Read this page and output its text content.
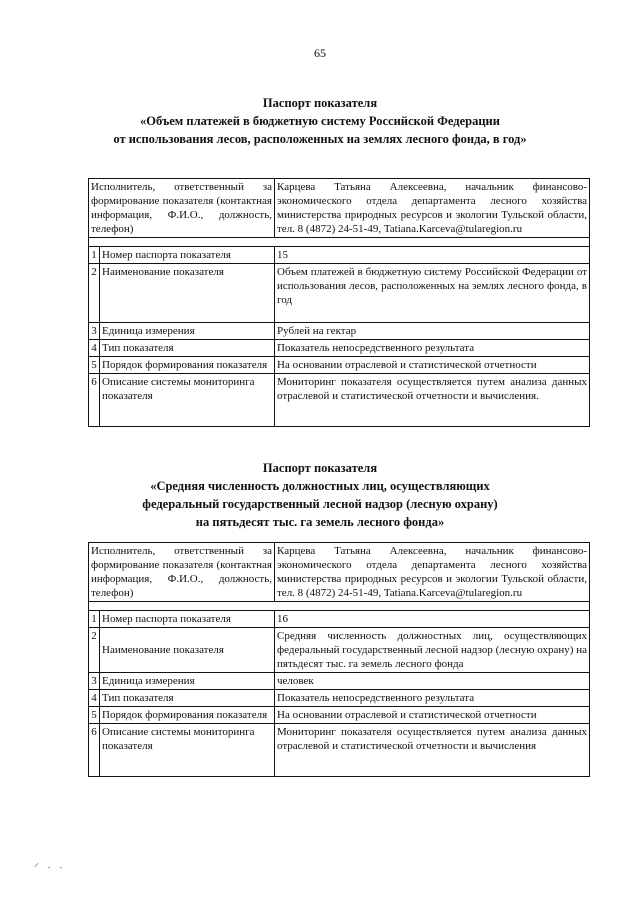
65
Паспорт показателя
«Объем платежей в бюджетную систему Российской Федерации
от использования лесов, расположенных на землях лесного фонда, в год»
Исполнитель, ответственный за формирование показателя (контактная информация, Ф.И.О., должность, телефон)		Карцева Татьяна Алексеевна, начальник финансово-экономического отдела департамента лесного хозяйства министерства природных ресурсов и экологии Тульской области, тел. 8 (4872) 24-51-49, Tatiana.Karceva@tularegion.ru

1	Номер паспорта показателя	15
2	Наименование показателя	Объем платежей в бюджетную систему Российской Федерации от использования лесов, расположенных на землях лесного фонда, в год
3	Единица измерения	Рублей на гектар
4	Тип показателя	Показатель непосредственного результата
5	Порядок формирования показателя	На основании отраслевой и статистической отчетности
6	Описание системы мониторинга показателя	Мониторинг показателя осуществляется путем анализа данных отраслевой и статистической отчетности и вычисления.
Паспорт показателя
«Средняя численность должностных лиц, осуществляющих
федеральный государственный лесной надзор (лесную охрану)
на пятьдесят тыс. га земель лесного фонда»
Исполнитель, ответственный за формирование показателя (контактная информация, Ф.И.О., должность, телефон)		Карцева Татьяна Алексеевна, начальник финансово-экономического отдела департамента лесного хозяйства министерства природных ресурсов и экологии Тульской области, тел. 8 (4872) 24-51-49, Tatiana.Karceva@tularegion.ru

1	Номер паспорта показателя	16
2	Наименование показателя	Средняя численность должностных лиц, осуществляющих федеральный государственный лесной надзор (лесную охрану) на пятьдесят тыс. га земель лесного фонда
3	Единица измерения	человек
4	Тип показателя	Показатель непосредственного результата
5	Порядок формирования показателя	На основании отраслевой и статистической отчетности
6	Описание системы мониторинга показателя	Мониторинг показателя осуществляется путем анализа данных отраслевой и статистической отчетности и вычисления
⸝ ˏ ˎ
